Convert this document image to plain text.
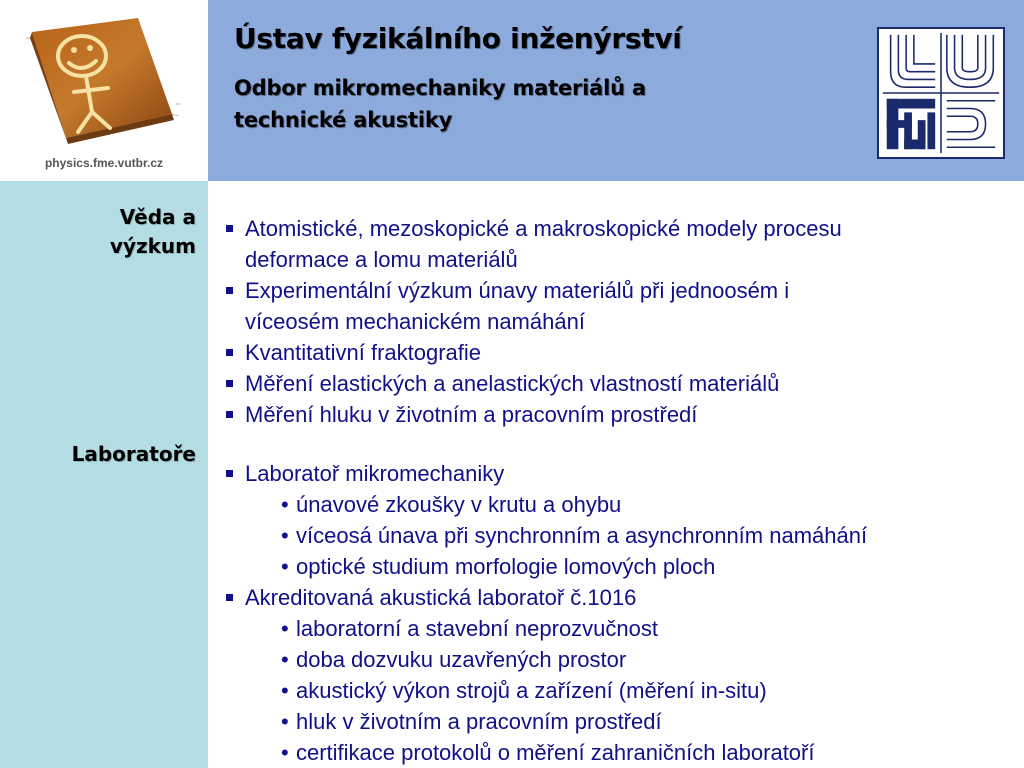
physics.fme.vutbr.cz
Ústav fyzikálního inženýrství
Odbor mikromechaniky materiálů a
technické akustiky
Věda a
výzkum
Laboratoře
Atomistické, mezoskopické a makroskopické modely procesu
deformace a lomu materiálů
Experimentální výzkum únavy materiálů při jednoosém i
víceosém mechanickém namáhání
Kvantitativní fraktografie
Měření elastických a anelastických vlastností materiálů
Měření hluku v životním a pracovním prostředí
Laboratoř mikromechaniky
• únavové zkoušky v krutu a ohybu
• víceosá únava při synchronním a asynchronním namáhání
• optické studium morfologie lomových ploch
Akreditovaná akustická laboratoř č.1016
• laboratorní a stavební neprozvučnost
• doba dozvuku uzavřených prostor
• akustický výkon strojů a zařízení (měření in-situ)
• hluk v životním a pracovním prostředí
• certifikace protokolů o měření zahraničních laboratoří
